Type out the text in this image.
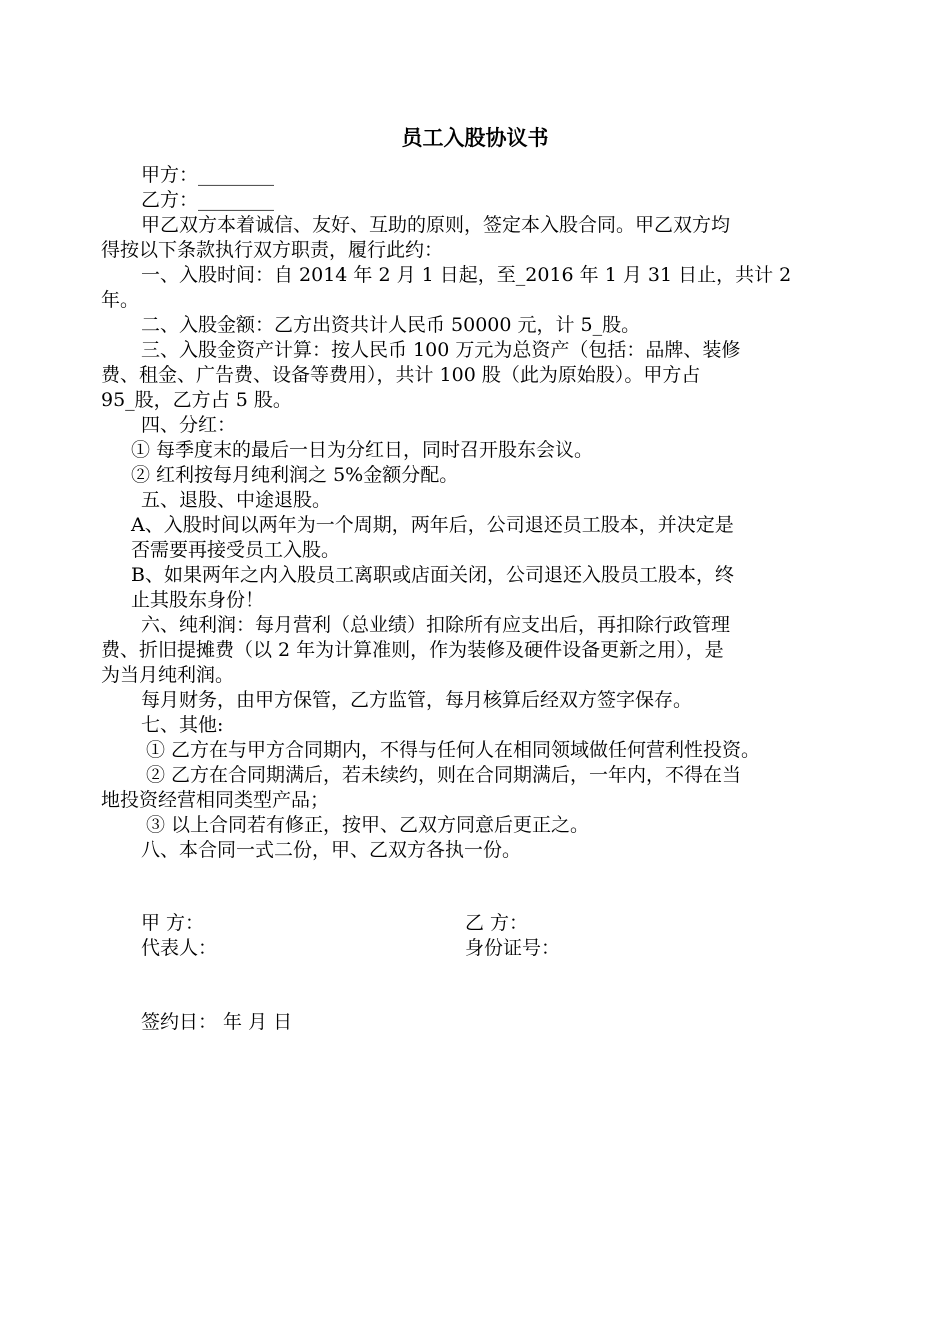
员工入股协议书
甲方：________
乙方：________
甲乙双方本着诚信、友好、互助的原则，签定本入股合同。甲乙双方均
得按以下条款执行双方职责，履行此约：
一、入股时间：自 2014 年 2 月 1 日起，至_2016 年 1 月 31 日止，共计 2
年。
二、入股金额：乙方出资共计人民币 50000 元，计 5_股。
三、入股金资产计算：按人民币 100 万元为总资产（包括：品牌、装修
费、租金、广告费、设备等费用），共计 100 股（此为原始股）。甲方占
95_股，乙方占 5 股。
四、分红：
① 每季度末的最后一日为分红日，同时召开股东会议。
② 红利按每月纯利润之 5%金额分配。
五、退股、中途退股。
A、入股时间以两年为一个周期，两年后，公司退还员工股本，并决定是
否需要再接受员工入股。
B、如果两年之内入股员工离职或店面关闭，公司退还入股员工股本，终
止其股东身份！
六、纯利润：每月营利（总业绩）扣除所有应支出后，再扣除行政管理
费、折旧提摊费（以 2 年为计算准则，作为装修及硬件设备更新之用），是
为当月纯利润。
每月财务，由甲方保管，乙方监管，每月核算后经双方签字保存。
七、其他:
① 乙方在与甲方合同期内，不得与任何人在相同领域做任何营利性投资。
② 乙方在合同期满后，若未续约，则在合同期满后，一年内，不得在当
地投资经营相同类型产品；
③ 以上合同若有修正，按甲、乙双方同意后更正之。
八、本合同一式二份，甲、乙双方各执一份。
甲 方：	乙 方：
代表人：	身份证号：
签约日： 年 月 日
